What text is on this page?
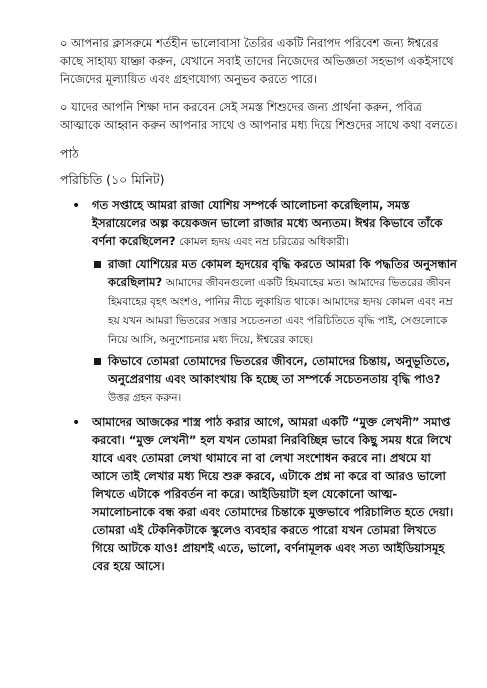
০ আপনার ক্লাসরুমে শর্তহীন ভালোবাসা তৈরির একটি নিরাপদ পরিবেশ জন্য ঈশ্বরের কাছে সাহায্য যাচ্ঞা করুন, যেখানে সবাই তাদের নিজেদের অভিজ্ঞতা সহভাগ একইসাথে নিজেদের মূল্যায়িত এবং গ্রহণযোগ্য অনুভব করতে পারে।

০ যাদের আপনি শিক্ষা দান করবেন সেই সমস্ত শিশুদের জন্য প্রার্থনা করুন, পবিত্র আত্মাকে আহ্বান করুন আপনার সাথে ও আপনার মধ্য দিয়ে শিশুদের সাথে কথা বলতে।

পাঠ
পরিচিতি (১০ মিনিট)
• গত সপ্তাহে আমরা রাজা যোশিয় সম্পর্কে আলোচনা করেছিলাম, সমস্ত ইসরায়েলের অল্প কয়েকজন ভালো রাজার মধ্যে অন্যতম। ঈশ্বর কিভাবে তাঁকে বর্ণনা করেছিলেন? কোমল হৃদয় এবং নম্র চরিত্রের অধিকারী।

রাজা যোশিয়ের মত কোমল হৃদয়ের বৃদ্ধি করতে আমরা কি পদ্ধতির অনুসন্ধান করেছিলাম? আমাদের জীবনগুলো একটি হিমবাহের মত। আমাদের ভিতরের জীবন হিমবাহের বৃহৎ অংশও, পানির নীচে লুকায়িত থাকে। আমাদের হৃদয় কোমল এবং নম্র হয় যখন আমরা ভিতরের সত্তার সচেতনতা এবং পরিচিতিতে বৃদ্ধি পাই, সেগুলোকে নিয়ে আসি, অনুশোচনার মধ্য দিয়ে, ঈশ্বরের কাছে।

কিভাবে তোমরা তোমাদের ভিতরের জীবনে, তোমাদের চিন্তায়, অনুভূতিতে, অনুপ্রেরণায় এবং আকাংখায় কি হচ্ছে তা সম্পর্কে সচেতনতায় বৃদ্ধি পাও? উত্তর গ্রহন করুন।

• আমাদের আজকের শাস্ত্র পাঠ করার আগে, আমরা একটি “মুক্ত লেখনী” সমাপ্ত করবো। “মুক্ত লেখনী” হল যখন তোমরা নিরবিচ্ছিন্ন ভাবে কিছু সময় ধরে লিখে যাবে এবং তোমরা লেখা থামাবে না বা লেখা সংশোধন করবে না। প্রথমে যা আসে তাই লেখার মধ্য দিয়ে শুরু করবে, এটাকে প্রশ্ন না করে বা আরও ভালো লিখতে এটাকে পরিবর্তন না করে। আইডিয়াটা হল যেকোনো আত্ম-সমালোচনাকে বন্ধ করা এবং তোমাদের চিন্তাকে মুক্তভাবে পরিচালিত হতে দেয়া। তোমরা এই টেকনিকটাকে স্কুলেও ব্যবহার করতে পারো যখন তোমরা লিখতে গিয়ে আটকে যাও! প্রায়শই এতে, ভালো, বর্ণনামূলক এবং সত্য আইডিয়াসমূহ বের হয়ে আসে।
